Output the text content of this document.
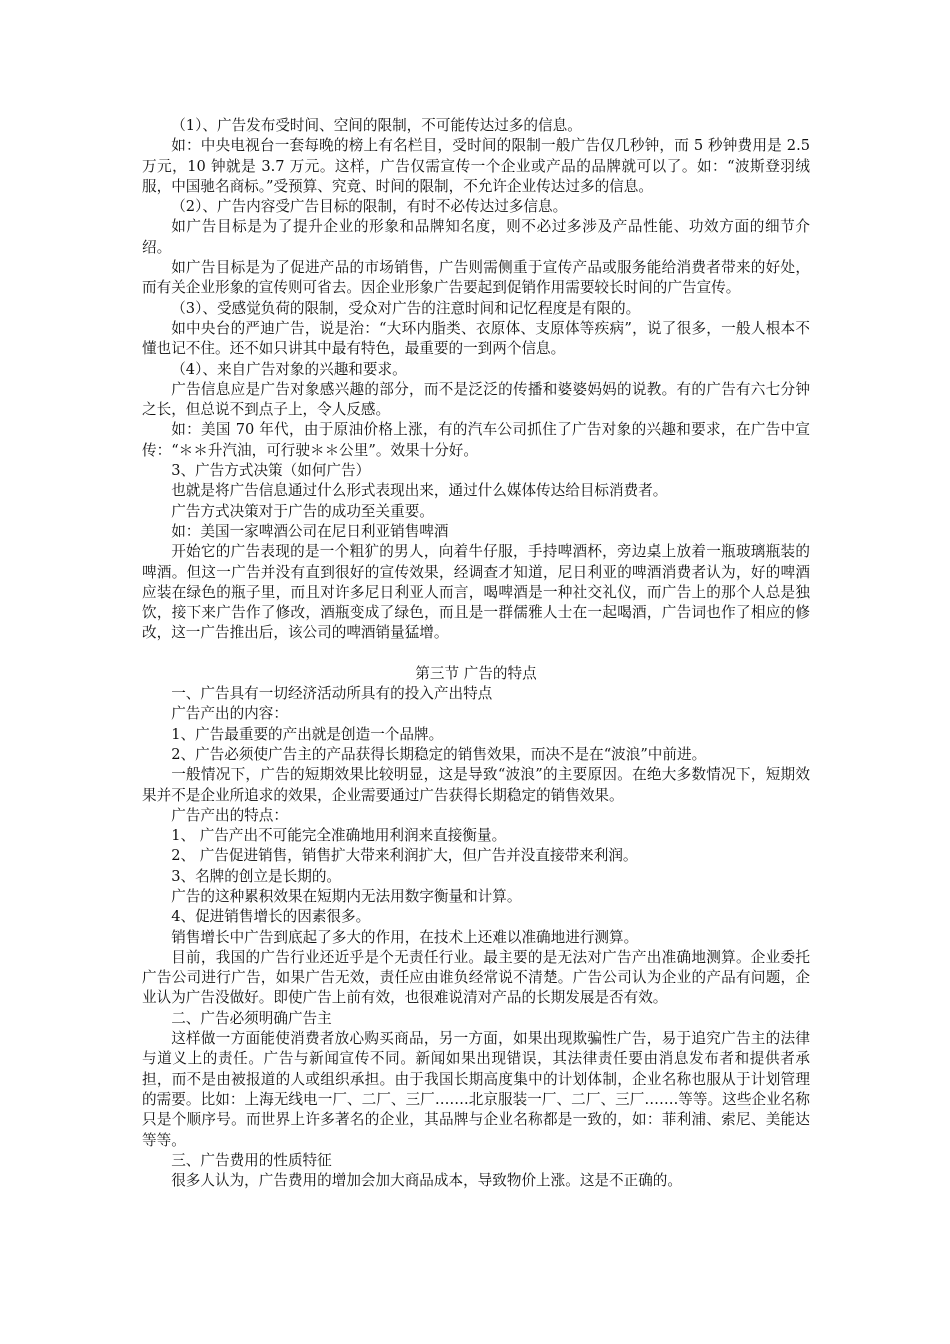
（1）、广告发布受时间、空间的限制，不可能传达过多的信息。

如：中央电视台一套每晚的榜上有名栏目，受时间的限制一般广告仅几秒钟，而 5 秒钟费用是 2.5 万元，10 钟就是 3.7 万元。这样，广告仅需宣传一个企业或产品的品牌就可以了。如：“波斯登羽绒服，中国驰名商标。”受预算、究竟、时间的限制，不允许企业传达过多的信息。

（2）、广告内容受广告目标的限制，有时不必传达过多信息。

如广告目标是为了提升企业的形象和品牌知名度，则不必过多涉及产品性能、功效方面的细节介绍。

如广告目标是为了促进产品的市场销售，广告则需侧重于宣传产品或服务能给消费者带来的好处，而有关企业形象的宣传则可省去。因企业形象广告要起到促销作用需要较长时间的广告宣传。

（3）、受感觉负荷的限制，受众对广告的注意时间和记忆程度是有限的。

如中央台的严迪广告，说是治：“大环内脂类、衣原体、支原体等疾病”，说了很多，一般人根本不懂也记不住。还不如只讲其中最有特色，最重要的一到两个信息。

（4）、来自广告对象的兴趣和要求。

广告信息应是广告对象感兴趣的部分，而不是泛泛的传播和婆婆妈妈的说教。有的广告有六七分钟之长，但总说不到点子上，令人反感。

如：美国 70 年代，由于原油价格上涨，有的汽车公司抓住了广告对象的兴趣和要求，在广告中宣传：“＊＊升汽油，可行驶＊＊公里”。效果十分好。

3、广告方式决策（如何广告）

也就是将广告信息通过什么形式表现出来，通过什么媒体传达给目标消费者。

广告方式决策对于广告的成功至关重要。

如：美国一家啤酒公司在尼日利亚销售啤酒

开始它的广告表现的是一个粗犷的男人，向着牛仔服，手持啤酒杯，旁边桌上放着一瓶玻璃瓶装的啤酒。但这一广告并没有直到很好的宣传效果，经调查才知道，尼日利亚的啤酒消费者认为，好的啤酒应装在绿色的瓶子里，而且对许多尼日利亚人而言，喝啤酒是一种社交礼仪，而广告上的那个人总是独饮，接下来广告作了修改，酒瓶变成了绿色，而且是一群儒雅人士在一起喝酒，广告词也作了相应的修改，这一广告推出后，该公司的啤酒销量猛增。

第三节 广告的特点

一、广告具有一切经济活动所具有的投入产出特点

广告产出的内容：

1、广告最重要的产出就是创造一个品牌。

2、广告必须使广告主的产品获得长期稳定的销售效果，而决不是在“波浪”中前进。

一般情况下，广告的短期效果比较明显，这是导致“波浪”的主要原因。在绝大多数情况下，短期效果并不是企业所追求的效果，企业需要通过广告获得长期稳定的销售效果。

广告产出的特点：

1、 广告产出不可能完全准确地用利润来直接衡量。

2、 广告促进销售，销售扩大带来利润扩大，但广告并没直接带来利润。

3、名牌的创立是长期的。

广告的这种累积效果在短期内无法用数字衡量和计算。

4、促进销售增长的因素很多。

销售增长中广告到底起了多大的作用，在技术上还难以准确地进行测算。

目前，我国的广告行业还近乎是个无责任行业。最主要的是无法对广告产出准确地测算。企业委托广告公司进行广告，如果广告无效，责任应由谁负经常说不清楚。广告公司认为企业的产品有问题，企业认为广告没做好。即使广告上前有效，也很难说清对产品的长期发展是否有效。

二、广告必须明确广告主

这样做一方面能使消费者放心购买商品，另一方面，如果出现欺骗性广告，易于追究广告主的法律与道义上的责任。广告与新闻宣传不同。新闻如果出现错误，其法律责任要由消息发布者和提供者承担，而不是由被报道的人或组织承担。由于我国长期高度集中的计划体制，企业名称也服从于计划管理的需要。比如：上海无线电一厂、二厂、三厂…….北京服装一厂、二厂、三厂…….等等。这些企业名称只是个顺序号。而世界上许多著名的企业，其品牌与企业名称都是一致的，如：菲利浦、索尼、美能达等等。

三、广告费用的性质特征

很多人认为，广告费用的增加会加大商品成本，导致物价上涨。这是不正确的。
